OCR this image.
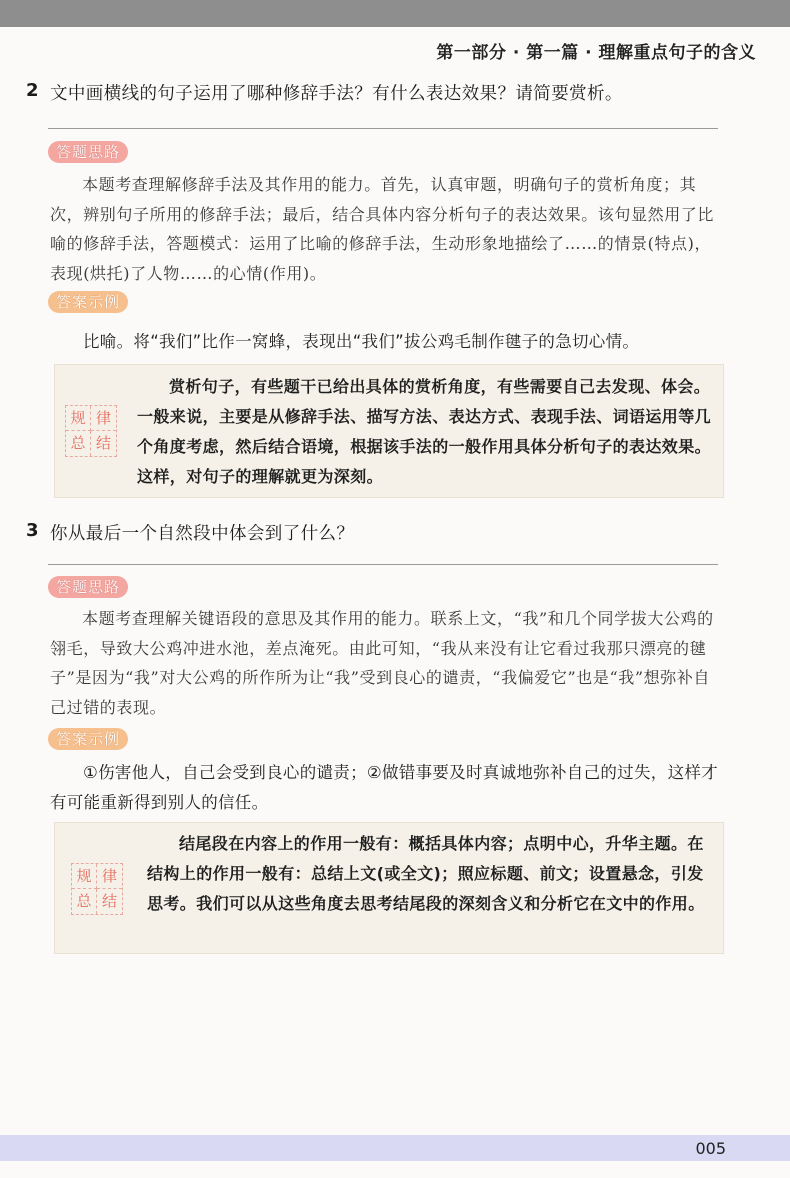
第一部分 · 第一篇 · 理解重点句子的含义
2 文中画横线的句子运用了哪种修辞手法？有什么表达效果？请简要赏析。
答题思路

本题考查理解修辞手法及其作用的能力。首先，认真审题，明确句子的赏析角度；其次，辨别句子所用的修辞手法；最后，结合具体内容分析句子的表达效果。该句显然用了比喻的修辞手法，答题模式：运用了比喻的修辞手法，生动形象地描绘了……的情景(特点)，表现(烘托)了人物……的心情(作用)。

答案示例

比喻。将“我们”比作一窝蜂，表现出“我们”拔公鸡毛制作毽子的急切心情。

规 律
总 结

赏析句子，有些题干已给出具体的赏析角度，有些需要自己去发现、体会。一般来说，主要是从修辞手法、描写方法、表达方式、表现手法、词语运用等几个角度考虑，然后结合语境，根据该手法的一般作用具体分析句子的表达效果。这样，对句子的理解就更为深刻。

3 你从最后一个自然段中体会到了什么？
答题思路

本题考查理解关键语段的意思及其作用的能力。联系上文，“我”和几个同学拔大公鸡的翎毛，导致大公鸡冲进水池，差点淹死。由此可知，“我从来没有让它看过我那只漂亮的毽子”是因为“我”对大公鸡的所作所为让“我”受到良心的谴责，“我偏爱它”也是“我”想弥补自己过错的表现。

答案示例

①伤害他人，自己会受到良心的谴责；②做错事要及时真诚地弥补自己的过失，这样才有可能重新得到别人的信任。

规 律
总 结

结尾段在内容上的作用一般有：概括具体内容；点明中心，升华主题。在结构上的作用一般有：总结上文(或全文)；照应标题、前文；设置悬念，引发思考。我们可以从这些角度去思考结尾段的深刻含义和分析它在文中的作用。

005
